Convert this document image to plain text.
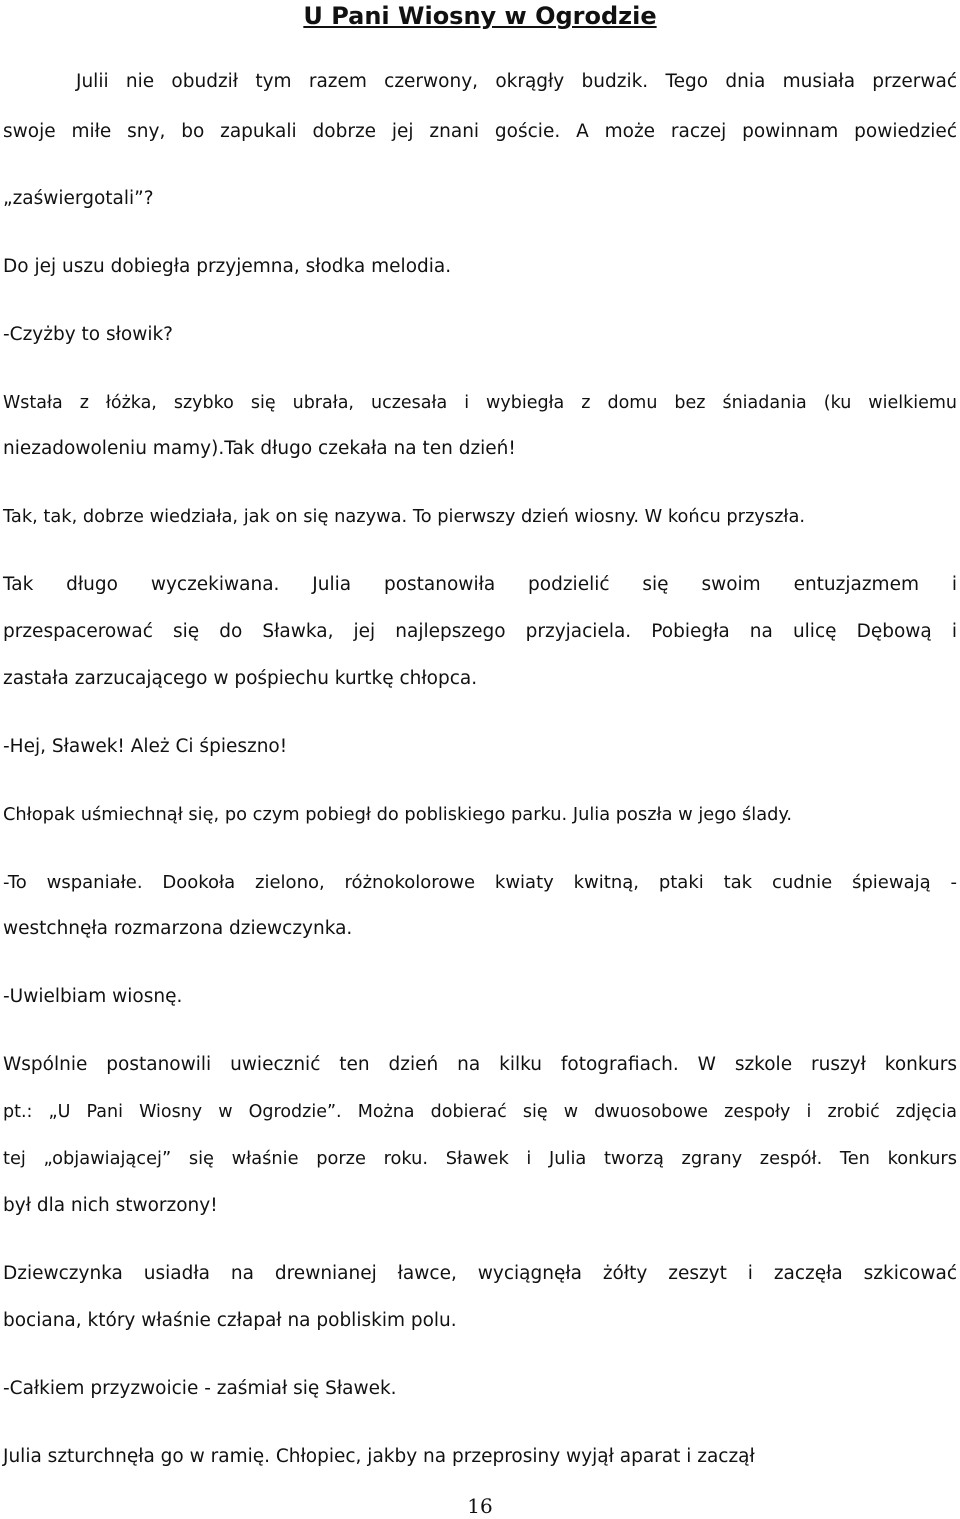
U Pani Wiosny w Ogrodzie
Julii nie obudził tym razem czerwony, okrągły budzik. Tego dnia musiała przerwać
swoje miłe sny, bo zapukali dobrze jej znani goście. A może raczej powinnam powiedzieć
„zaświergotali”?
Do jej uszu dobiegła przyjemna, słodka melodia.
-Czyżby to słowik?
Wstała z łóżka, szybko się ubrała, uczesała i wybiegła z domu bez śniadania (ku wielkiemu
niezadowoleniu mamy).Tak długo czekała na ten dzień!
Tak, tak, dobrze wiedziała, jak on się nazywa. To pierwszy dzień wiosny. W końcu przyszła.
Tak długo wyczekiwana. Julia postanowiła podzielić się swoim entuzjazmem i
przespacerować się do Sławka, jej najlepszego przyjaciela. Pobiegła na ulicę Dębową i
zastała zarzucającego w pośpiechu kurtkę chłopca.
-Hej, Sławek! Ależ Ci śpieszno!
Chłopak uśmiechnął się, po czym pobiegł do pobliskiego parku. Julia poszła w jego ślady.
-To wspaniałe. Dookoła zielono, różnokolorowe kwiaty kwitną, ptaki tak cudnie śpiewają -
westchnęła rozmarzona dziewczynka.
-Uwielbiam wiosnę.
Wspólnie postanowili uwiecznić ten dzień na kilku fotografiach. W szkole ruszył konkurs
pt.: „U Pani Wiosny w Ogrodzie”. Można dobierać się w dwuosobowe zespoły i zrobić zdjęcia
tej „objawiającej” się właśnie porze roku. Sławek i Julia tworzą zgrany zespół. Ten konkurs
był dla nich stworzony!
Dziewczynka usiadła na drewnianej ławce, wyciągnęła żółty zeszyt i zaczęła szkicować
bociana, który właśnie człapał na pobliskim polu.
-Całkiem przyzwoicie - zaśmiał się Sławek.
Julia szturchnęła go w ramię. Chłopiec, jakby na przeprosiny wyjął aparat i zaczął
16
